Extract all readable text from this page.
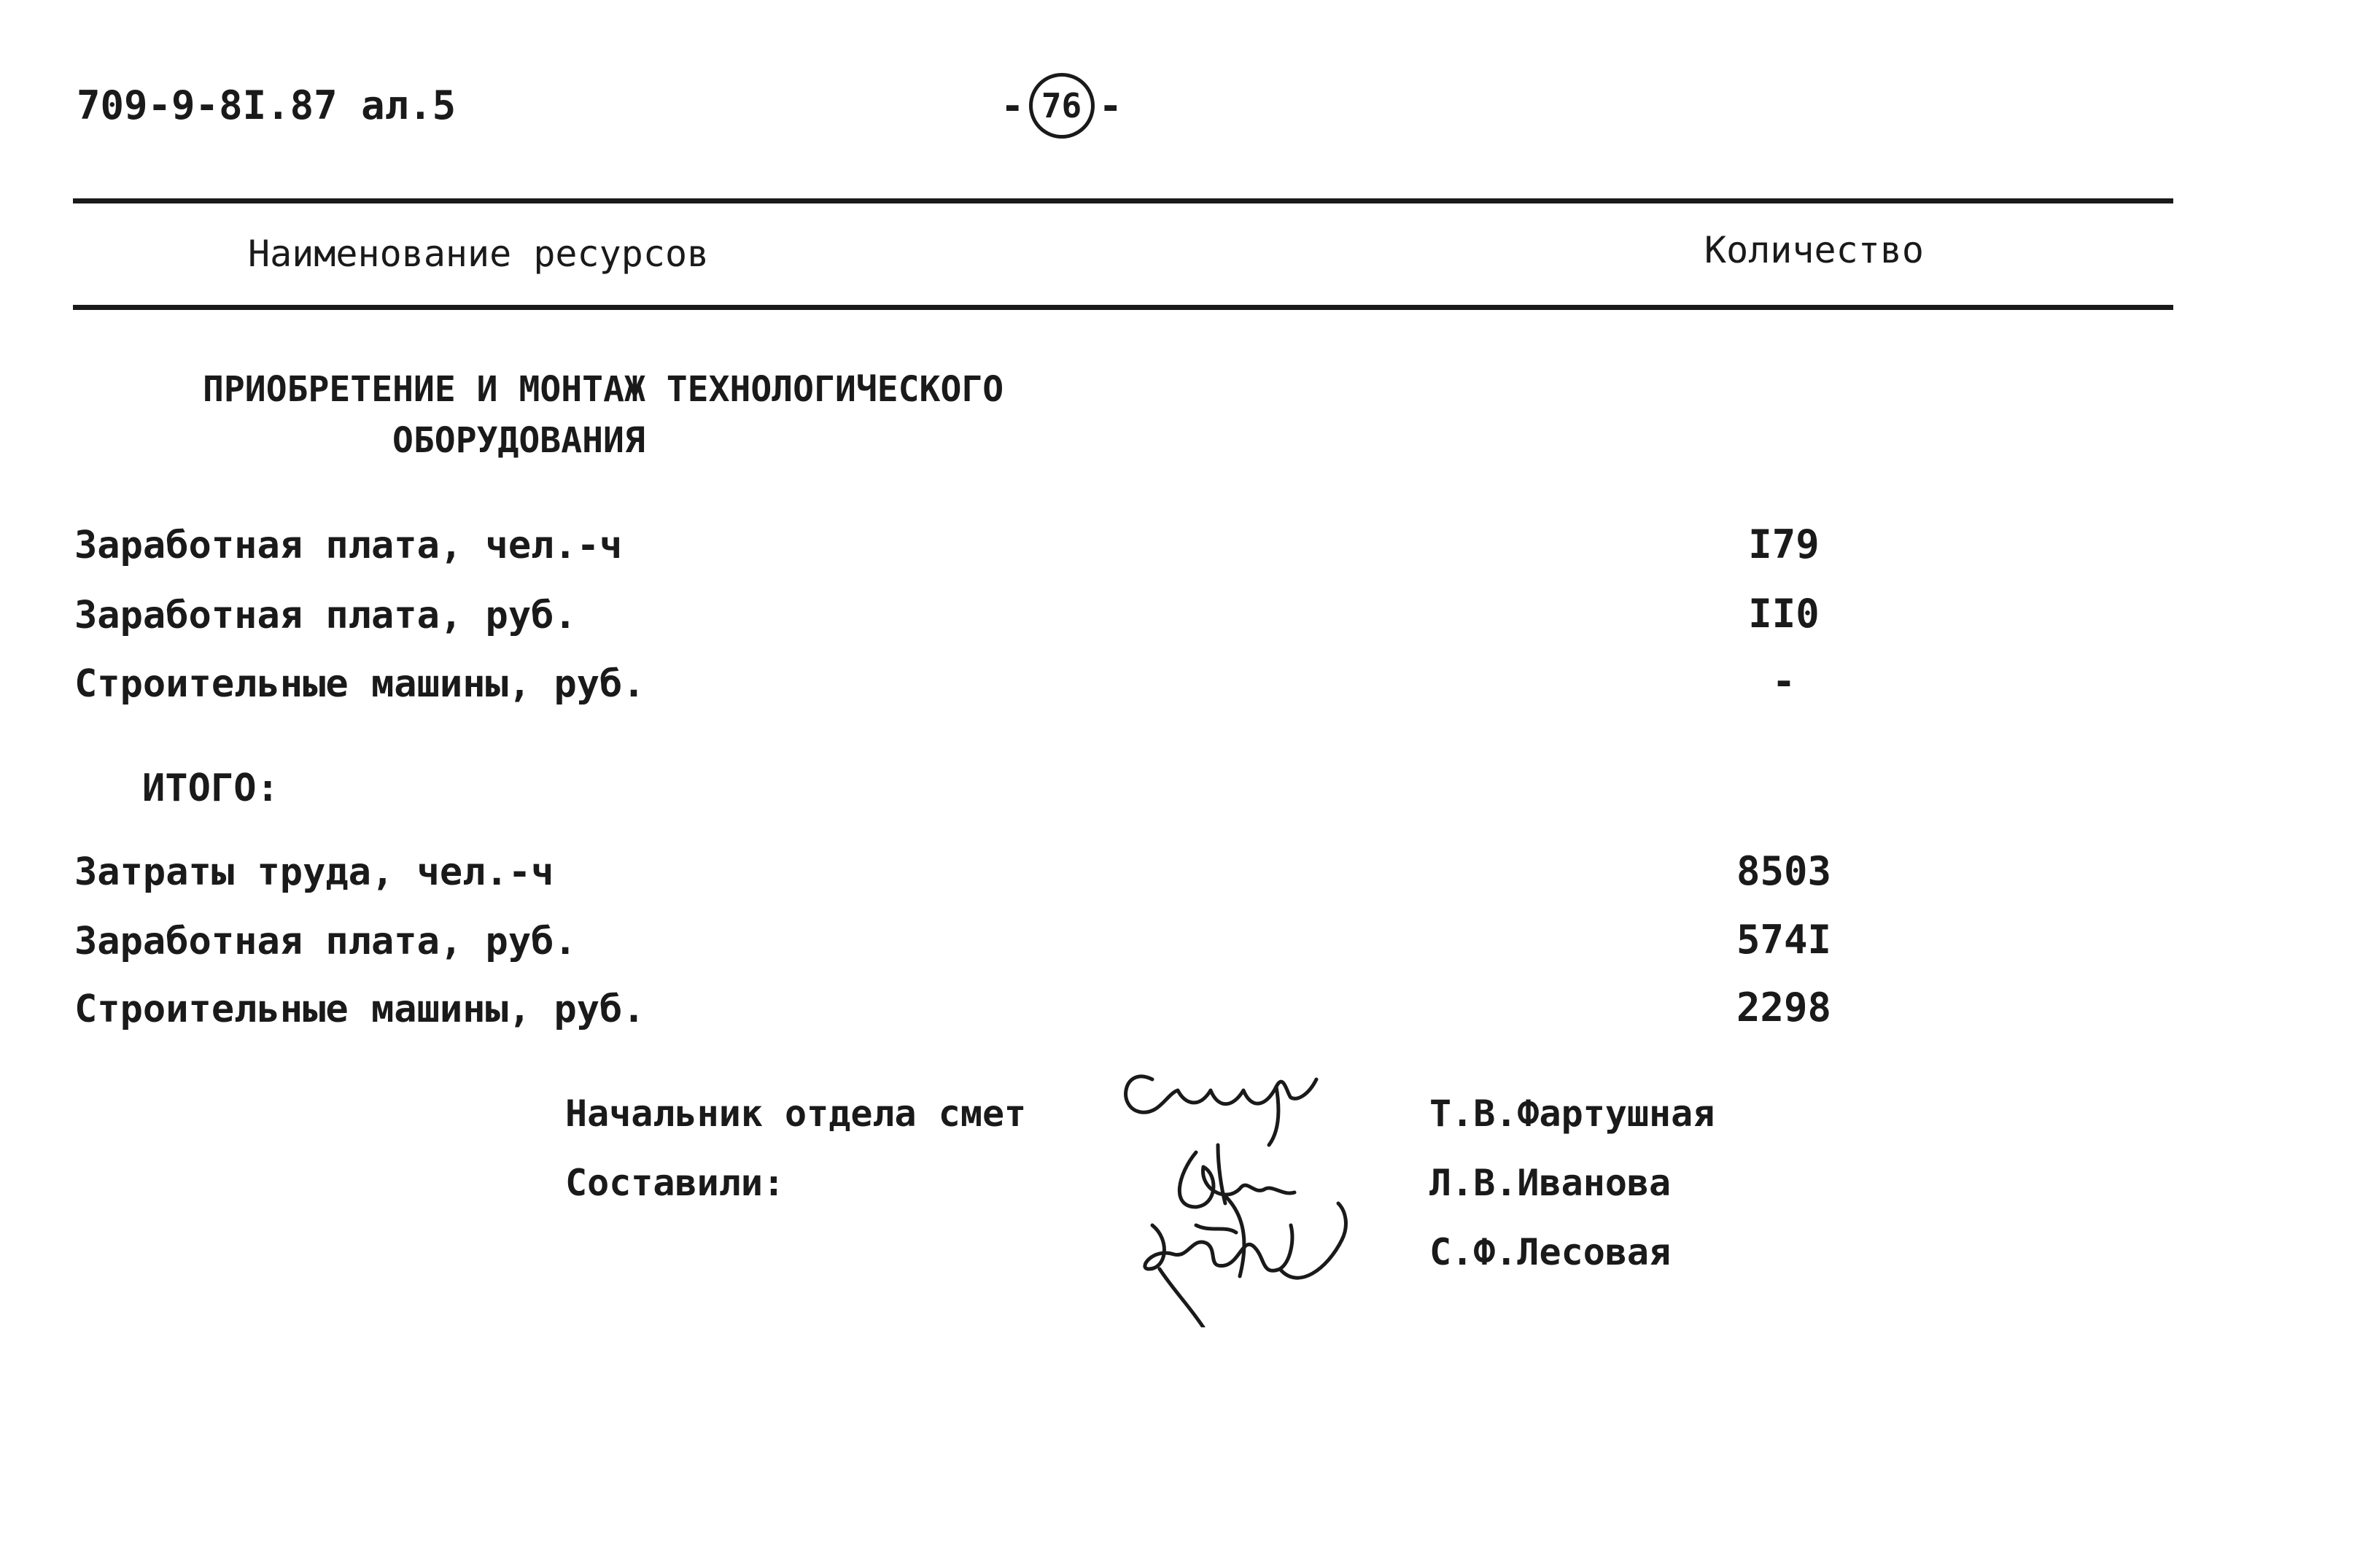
709-9-8I.87 ал.5	- 76 -
Наименование ресурсов	Количество
ПРИОБРЕТЕНИЕ И МОНТАЖ ТЕХНОЛОГИЧЕСКОГО
ОБОРУДОВАНИЯ
Заработная плата, чел.-ч	I79
Заработная плата, руб.	II0
Строительные машины, руб.	-
ИТОГО:
Затраты труда, чел.-ч	8503
Заработная плата, руб.	574I
Строительные машины, руб.	2298
Начальник отдела смет
Составили:
Т.В.Фартушная
Л.В.Иванова
С.Ф.Лесовая
